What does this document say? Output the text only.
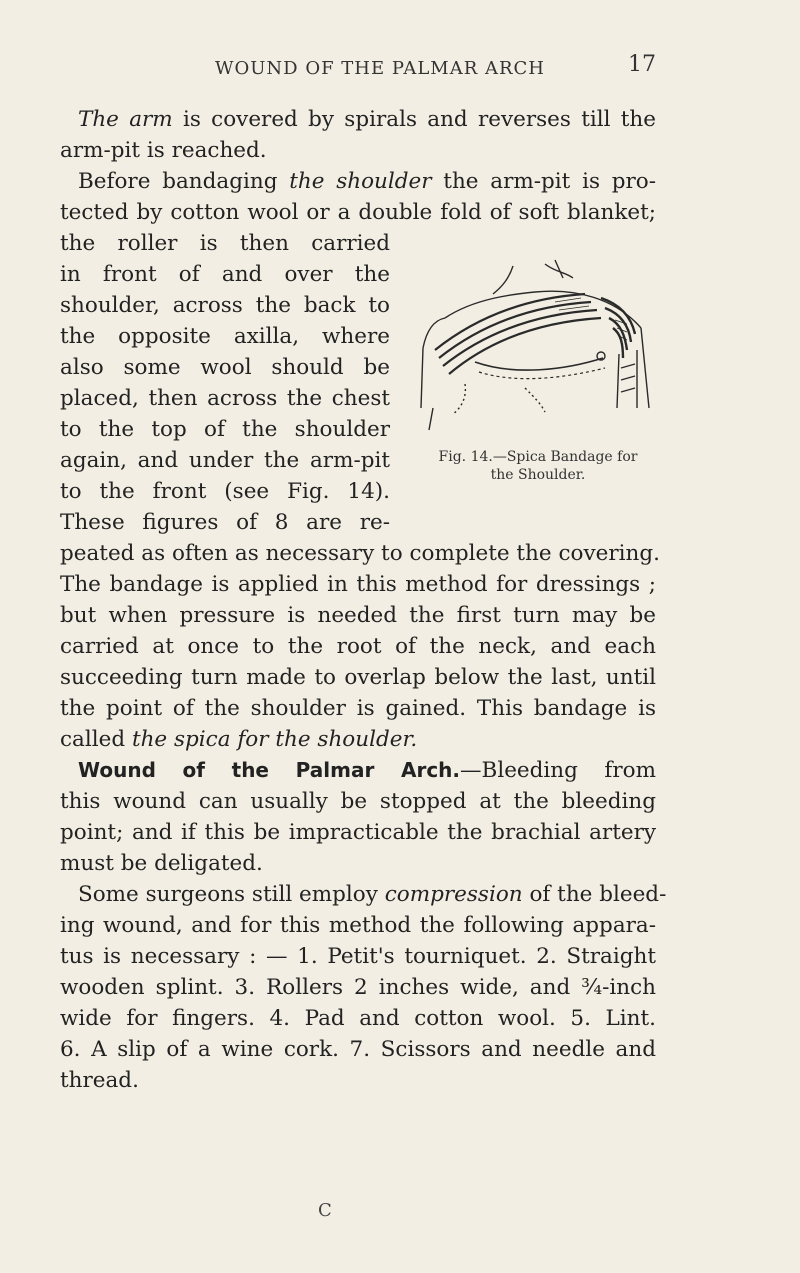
WOUND OF THE PALMAR ARCH	17
The arm is covered by spirals and reverses till the
arm-pit is reached.
Before bandaging the shoulder the arm-pit is pro-
tected by cotton wool or a double fold of soft blanket;
the roller is then carried
in front of and over the
shoulder, across the back to
the opposite axilla, where
also some wool should be
placed, then across the chest
to the top of the shoulder
again, and under the arm-pit
to the front (see Fig. 14).
These figures of 8 are re-
peated as often as necessary to complete the covering.
The bandage is applied in this method for dressings ;
but when pressure is needed the first turn may be
carried at once to the root of the neck, and each
succeeding turn made to overlap below the last, until
the point of the shoulder is gained. This bandage is
called the spica for the shoulder.
Wound of the Palmar Arch.—Bleeding from
this wound can usually be stopped at the bleeding
point; and if this be impracticable the brachial artery
must be deligated.
Some surgeons still employ compression of the bleed-
ing wound, and for this method the following appara-
tus is necessary : — 1. Petit's tourniquet. 2. Straight
wooden splint. 3. Rollers 2 inches wide, and ¾-inch
wide for fingers. 4. Pad and cotton wool. 5. Lint.
6. A slip of a wine cork. 7. Scissors and needle and
thread.
Fig. 14.—Spica Bandage for
the Shoulder.
C
